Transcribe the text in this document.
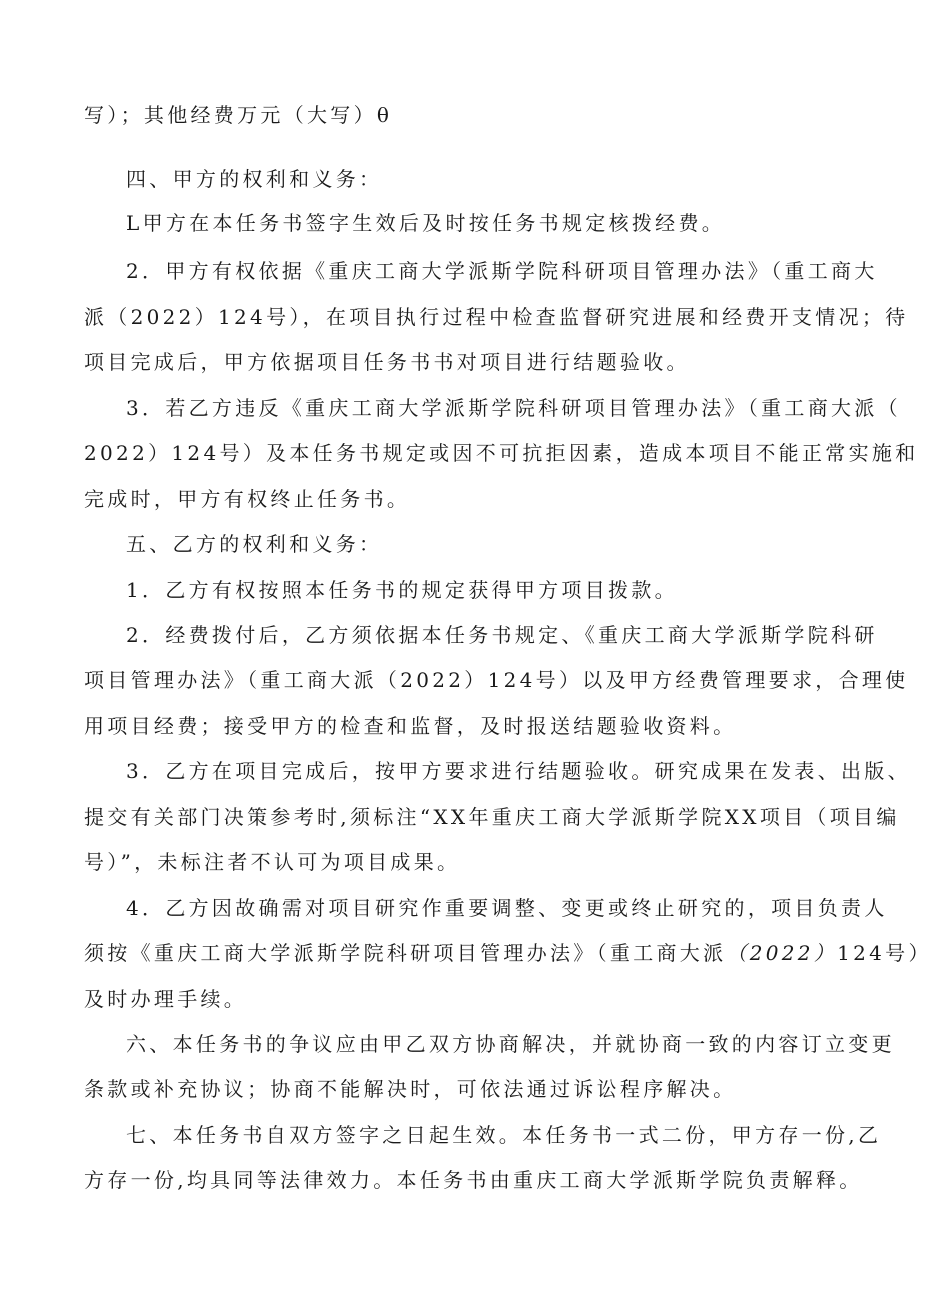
写）；其他经费万元（大写）θ
四、甲方的权利和义务：
L甲方在本任务书签字生效后及时按任务书规定核拨经费。
2．甲方有权依据《重庆工商大学派斯学院科研项目管理办法》（重工商大
派（2022）124号），在项目执行过程中检查监督研究进展和经费开支情况；待
项目完成后，甲方依据项目任务书书对项目进行结题验收。
3．若乙方违反《重庆工商大学派斯学院科研项目管理办法》（重工商大派（
2022）124号）及本任务书规定或因不可抗拒因素，造成本项目不能正常实施和
完成时，甲方有权终止任务书。
五、乙方的权利和义务：
1．乙方有权按照本任务书的规定获得甲方项目拨款。
2．经费拨付后，乙方须依据本任务书规定、《重庆工商大学派斯学院科研
项目管理办法》（重工商大派（2022）124号）以及甲方经费管理要求，合理使
用项目经费；接受甲方的检查和监督，及时报送结题验收资料。
3．乙方在项目完成后，按甲方要求进行结题验收。研究成果在发表、出版、
提交有关部门决策参考时,须标注“XX年重庆工商大学派斯学院XX项目（项目编
号）”，未标注者不认可为项目成果。
4．乙方因故确需对项目研究作重要调整、变更或终止研究的，项目负责人
须按《重庆工商大学派斯学院科研项目管理办法》（重工商大派（2022）124号）
及时办理手续。
六、本任务书的争议应由甲乙双方协商解决，并就协商一致的内容订立变更
条款或补充协议；协商不能解决时，可依法通过诉讼程序解决。
七、本任务书自双方签字之日起生效。本任务书一式二份，甲方存一份,乙
方存一份,均具同等法律效力。本任务书由重庆工商大学派斯学院负责解释。
